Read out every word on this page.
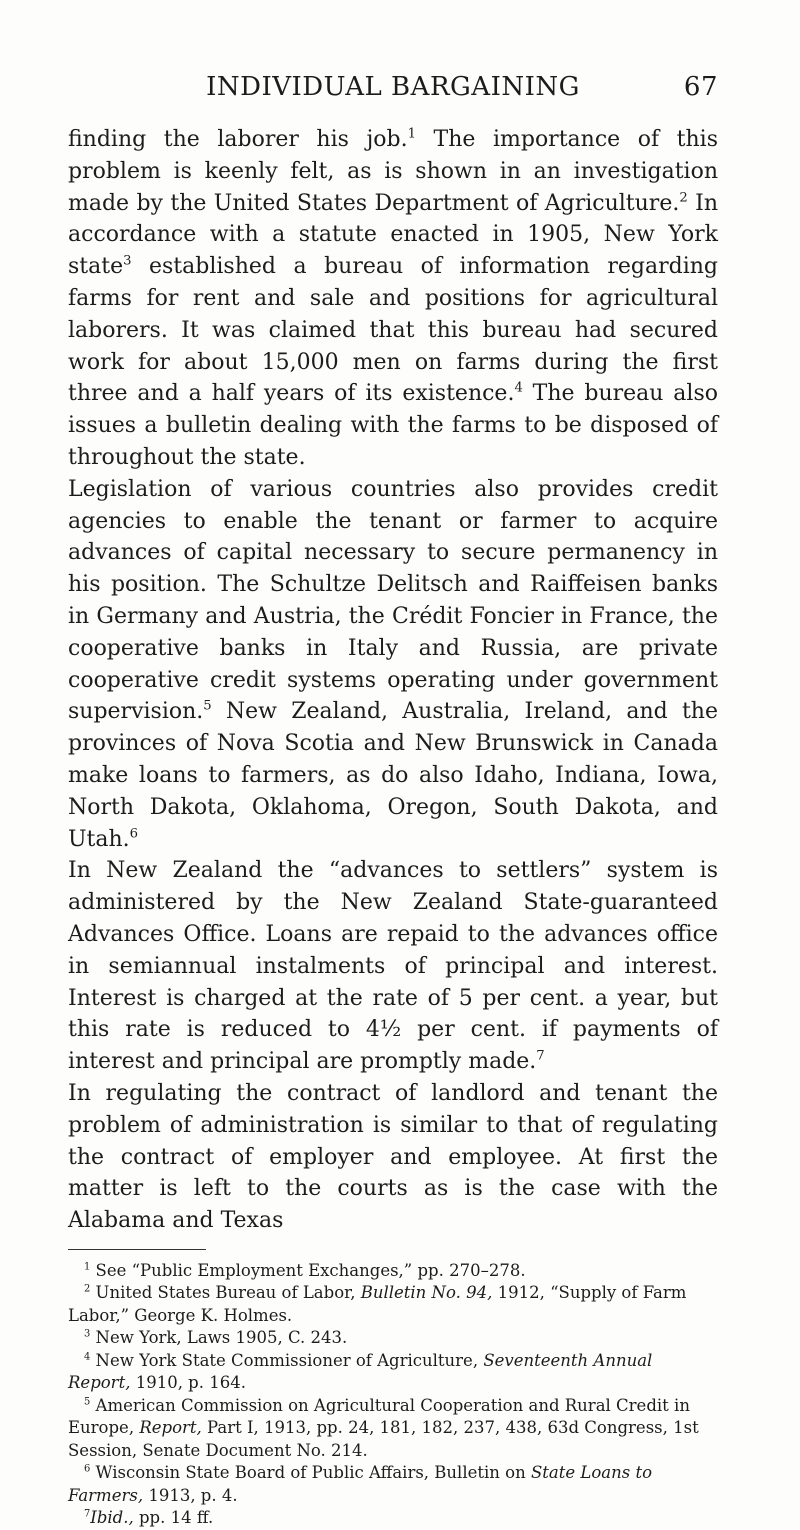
INDIVIDUAL BARGAINING	67

finding the laborer his job.$^1$ The importance of this problem is keenly felt, as is shown in an investigation made by the United States Department of Agriculture.$^2$ In accordance with a statute enacted in 1905, New York state$^3$ established a bureau of information regarding farms for rent and sale and positions for agricultural laborers. It was claimed that this bureau had secured work for about 15,000 men on farms during the first three and a half years of its existence.$^4$ The bureau also issues a bulletin dealing with the farms to be disposed of throughout the state.

Legislation of various countries also provides credit agencies to enable the tenant or farmer to acquire advances of capital necessary to secure permanency in his position. The Schultze Delitsch and Raiffeisen banks in Germany and Austria, the Crédit Foncier in France, the cooperative banks in Italy and Russia, are private cooperative credit systems operating under government supervision.$^5$ New Zealand, Australia, Ireland, and the provinces of Nova Scotia and New Brunswick in Canada make loans to farmers, as do also Idaho, Indiana, Iowa, North Dakota, Oklahoma, Oregon, South Dakota, and Utah.$^6$

In New Zealand the “advances to settlers” system is administered by the New Zealand State-guaranteed Advances Office. Loans are repaid to the advances office in semiannual instalments of principal and interest. Interest is charged at the rate of 5 per cent. a year, but this rate is reduced to 4½ per cent. if payments of interest and principal are promptly made.$^7$

In regulating the contract of landlord and tenant the problem of administration is similar to that of regulating the contract of employer and employee. At first the matter is left to the courts as is the case with the Alabama and Texas

$^1$ See “Public Employment Exchanges,” pp. 270–278.

$^2$ United States Bureau of Labor, Bulletin No. 94, 1912, “Supply of Farm Labor,” George K. Holmes.

$^3$ New York, Laws 1905, C. 243.

$^4$ New York State Commissioner of Agriculture, Seventeenth Annual Report, 1910, p. 164.

$^5$ American Commission on Agricultural Cooperation and Rural Credit in Europe, Report, Part I, 1913, pp. 24, 181, 182, 237, 438, 63d Congress, 1st Session, Senate Document No. 214.

$^6$ Wisconsin State Board of Public Affairs, Bulletin on State Loans to Farmers, 1913, p. 4.

$^7$Ibid., pp. 14 ff.
